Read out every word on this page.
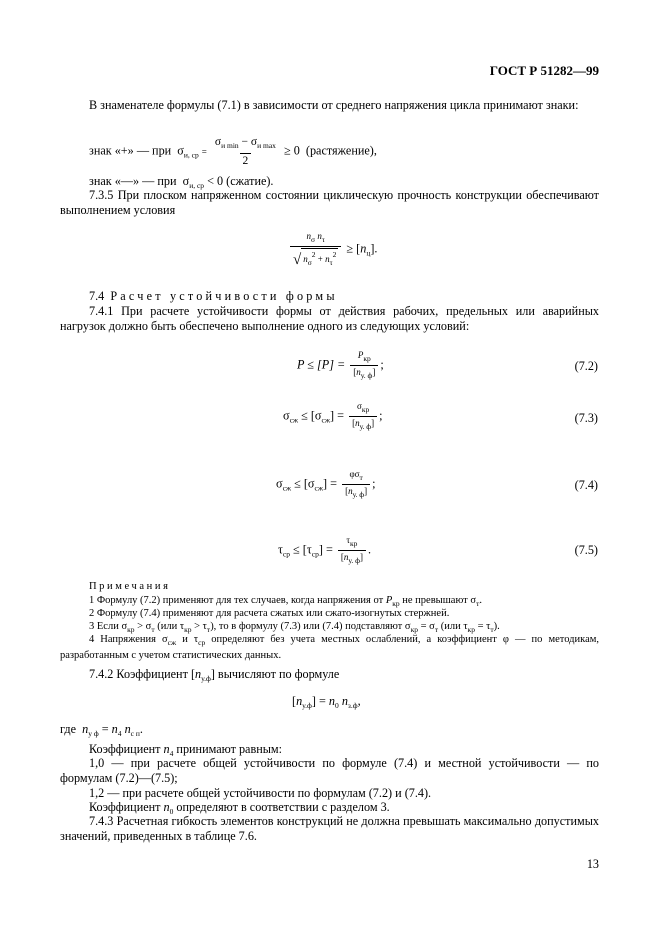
ГОСТ Р 51282—99
В знаменателе формулы (7.1) в зависимости от среднего напряжения цикла принимают знаки:
знак «+» — при $\sigma_{и, ср} = \frac{\sigma_{и min} - \sigma_{и max}}{2} \ge 0$ (растяжение),
знак «—» — при $\sigma_{и, ср} < 0$ (сжатие).
7.3.5 При плоском напряженном состоянии циклическую прочность конструкции обеспечивают выполнением условия
$\frac{n_\sigma n_\tau}{√ n_\sigma^2 + n_\tau^2} \ge [n_ц]$.
7.4 Расчет устойчивости формы
7.4.1 При расчете устойчивости формы от действия рабочих, предельных или аварийных нагрузок должно быть обеспечено выполнение одного из следующих условий:
$P \le [P] = \frac{P_{кр}}{[n_{у. ф}]}$ ;	(7.2)
$\sigma_{сж} \le [\sigma_{сж}] = \frac{\sigma_{кр}}{[n_{у. ф}]}$ ;	(7.3)
$\sigma_{сж} \le [\sigma_{сж}] = \frac{\varphi\sigma_т}{[n_{у. ф}]}$ ;	(7.4)
$\tau_{ср} \le [\tau_{ср}] = \frac{\tau_{кр}}{[n_{у. ф}]}$ .	(7.5)
Примечания
1 Формулу (7.2) применяют для тех случаев, когда напряжения от $P_{кр}$ не превышают $\sigma_т$.
2 Формулу (7.4) применяют для расчета сжатых или сжато-изогнутых стержней.
3 Если $\sigma_{кр} > \sigma_т$ (или $\tau_{кр} > \tau_т$), то в формулу (7.3) или (7.4) подставляют $\sigma_{кр} = \sigma_т$ (или $\tau_{кр} = \tau_т$).
4 Напряжения $\sigma_{сж}$ и $\tau_{ср}$ определяют без учета местных ослаблений, а коэффициент φ — по методикам, разработанным с учетом статистических данных.
7.4.2 Коэффициент $[n_{у.ф}]$ вычисляют по формуле
$[n_{у.ф}] = n_0$ $n_{з.ф}$,
где $n_{у ф} = n_4$ $n_{с п}$.
Коэффициент $n_4$ принимают равным:
1,0 — при расчете общей устойчивости по формуле (7.4) и местной устойчивости — по формулам (7.2)—(7.5);
1,2 — при расчете общей устойчивости по формулам (7.2) и (7.4).
Коэффициент $n_0$ определяют в соответствии с разделом 3.
7.4.3 Расчетная гибкость элементов конструкций не должна превышать максимально допустимых значений, приведенных в таблице 7.6.
13
